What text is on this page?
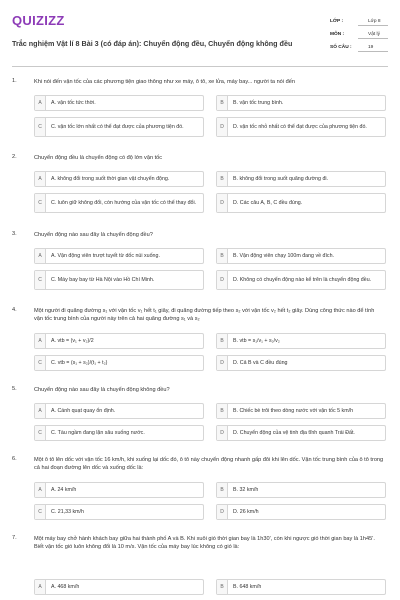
QUIZIZZ
Trắc nghiệm Vật lí 8 Bài 3 (có đáp án): Chuyển động đều, Chuyển động không đều
LỚP :	Lớp 8
MÔN :	Vật lý
SỐ CÂU :	19
1.	Khi nói đến vận tốc của các phương tiện giao thông như xe máy, ô tô, xe lửa, máy bay... người ta nói đến
A	A. vận tốc tức thời.	B	B. vận tốc trung bình.
C	C. vận tốc lớn nhất có thể đạt được của phương tiện đó.	D	D. vận tốc nhỏ nhất có thể đạt được của phương tiện đó.
2.	Chuyển động đều là chuyển động có độ lớn vận tốc
A	A. không đổi trong suốt thời gian vật chuyển động.	B	B. không đổi trong suốt quãng đường đi.
C	C. luôn giữ không đổi, còn hướng của vận tốc có thể thay đổi.	D	D. Các câu A, B, C đều đúng.
3.	Chuyển động nào sau đây là chuyển động đều?
A	A. Vận động viên trượt tuyết từ dốc núi xuống.	B	B. Vận động viên chạy 100m đang về đích.
C	C. Máy bay bay từ Hà Nội vào Hồ Chí Minh.	D	D. Không có chuyển động nào kể trên là chuyển động đều.
4.	Một người đi quãng đường s₁ với vận tốc v₁ hết t₁ giây, đi quãng đường tiếp theo s₂ với vận tốc v₂ hết t₂ giây. Dùng công thức nào để tính vận tốc trung bình của người này trên cả hai quãng đường s₁ và s₂
A	A. vtb = (v₁ + v₂)/2	B	B. vtb = s₁/v₁ + s₂/v₂
C	C. vtb = (s₁ + s₂)/(t₁ + t₂)	D	D. Cả B và C đều đúng
5.	Chuyển động nào sau đây là chuyển động không đều?
A	A. Cánh quạt quay ổn định.	B	B. Chiếc bè trôi theo dòng nước với vận tốc 5 km/h
C	C. Tàu ngầm đang lặn sâu xuống nước.	D	D. Chuyển động của vệ tinh địa tĩnh quanh Trái Đất.
6.	Một ô tô lên dốc với vận tốc 16 km/h, khi xuống lại dốc đó, ô tô này chuyển động nhanh gấp đôi khi lên dốc. Vận tốc trung bình của ô tô trong cả hai đoạn đường lên dốc và xuống dốc là:
A	A. 24 km/h	B	B. 32 km/h
C	C. 21,33 km/h	D	D. 26 km/h
7.	Một máy bay chở hành khách bay giữa hai thành phố A và B. Khi xuôi gió thời gian bay là 1h30', còn khi ngược gió thời gian bay là 1h45'. Biết vận tốc gió luôn không đổi là 10 m/s. Vận tốc của máy bay lúc không có gió là:
A	A. 468 km/h	B	B. 648 km/h
